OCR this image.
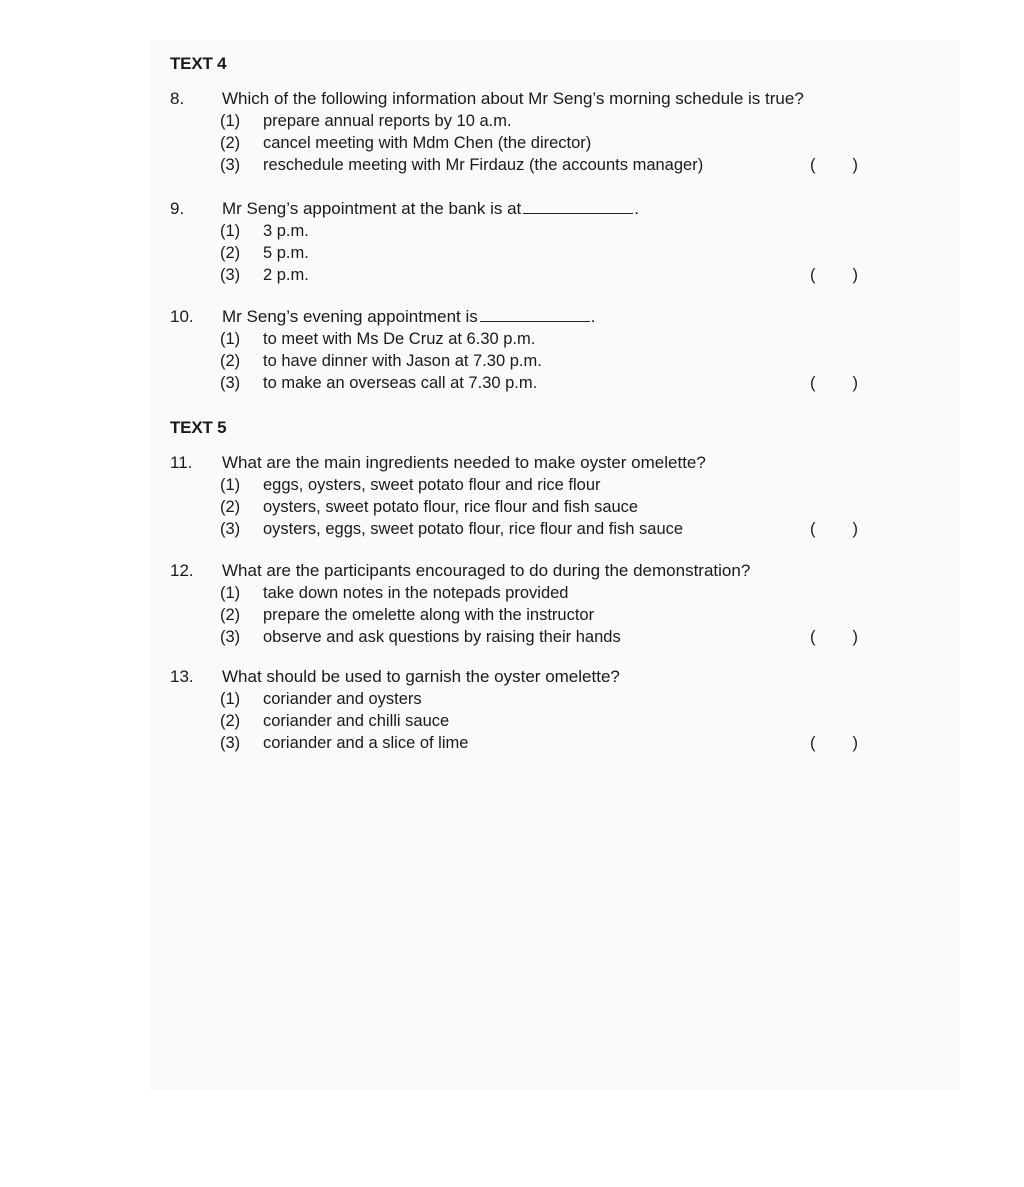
TEXT 4
8. Which of the following information about Mr Seng’s morning schedule is true?
(1) prepare annual reports by 10 a.m.
(2) cancel meeting with Mdm Chen (the director)
(3) reschedule meeting with Mr Firdauz (the accounts manager)	( )
9. Mr Seng’s appointment at the bank is at	.
(1) 3 p.m.
(2) 5 p.m.
(3) 2 p.m.	( )
10. Mr Seng’s evening appointment is	.
(1) to meet with Ms De Cruz at 6.30 p.m.
(2) to have dinner with Jason at 7.30 p.m.
(3) to make an overseas call at 7.30 p.m.	( )
TEXT 5
11. What are the main ingredients needed to make oyster omelette?
(1) eggs, oysters, sweet potato flour and rice flour
(2) oysters, sweet potato flour, rice flour and fish sauce
(3) oysters, eggs, sweet potato flour, rice flour and fish sauce	( )
12. What are the participants encouraged to do during the demonstration?
(1) take down notes in the notepads provided
(2) prepare the omelette along with the instructor
(3) observe and ask questions by raising their hands	( )
13. What should be used to garnish the oyster omelette?
(1) coriander and oysters
(2) coriander and chilli sauce
(3) coriander and a slice of lime	( )
